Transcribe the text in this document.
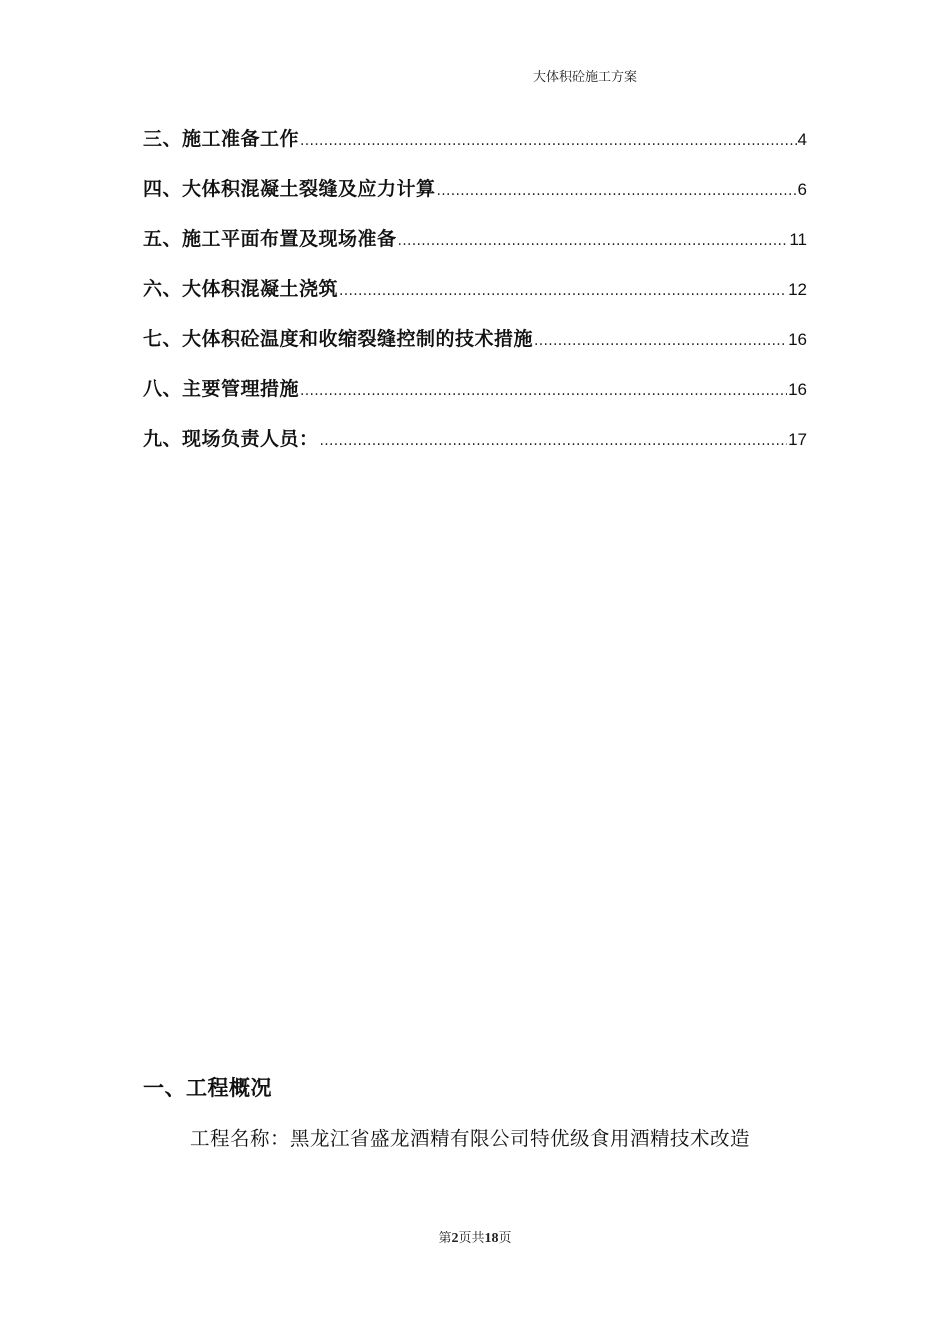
大体积砼施工方案
三、施工准备工作 .....	4
四、大体积混凝土裂缝及应力计算 .....	6
五、施工平面布置及现场准备 .....	11
六、大体积混凝土浇筑 .....	12
七、大体积砼温度和收缩裂缝控制的技术措施 .....	16
八、主要管理措施 .....	16
九、现场负责人员： .....	17
一、工程概况
工程名称：黑龙江省盛龙酒精有限公司特优级食用酒精技术改造
第2页共18页
